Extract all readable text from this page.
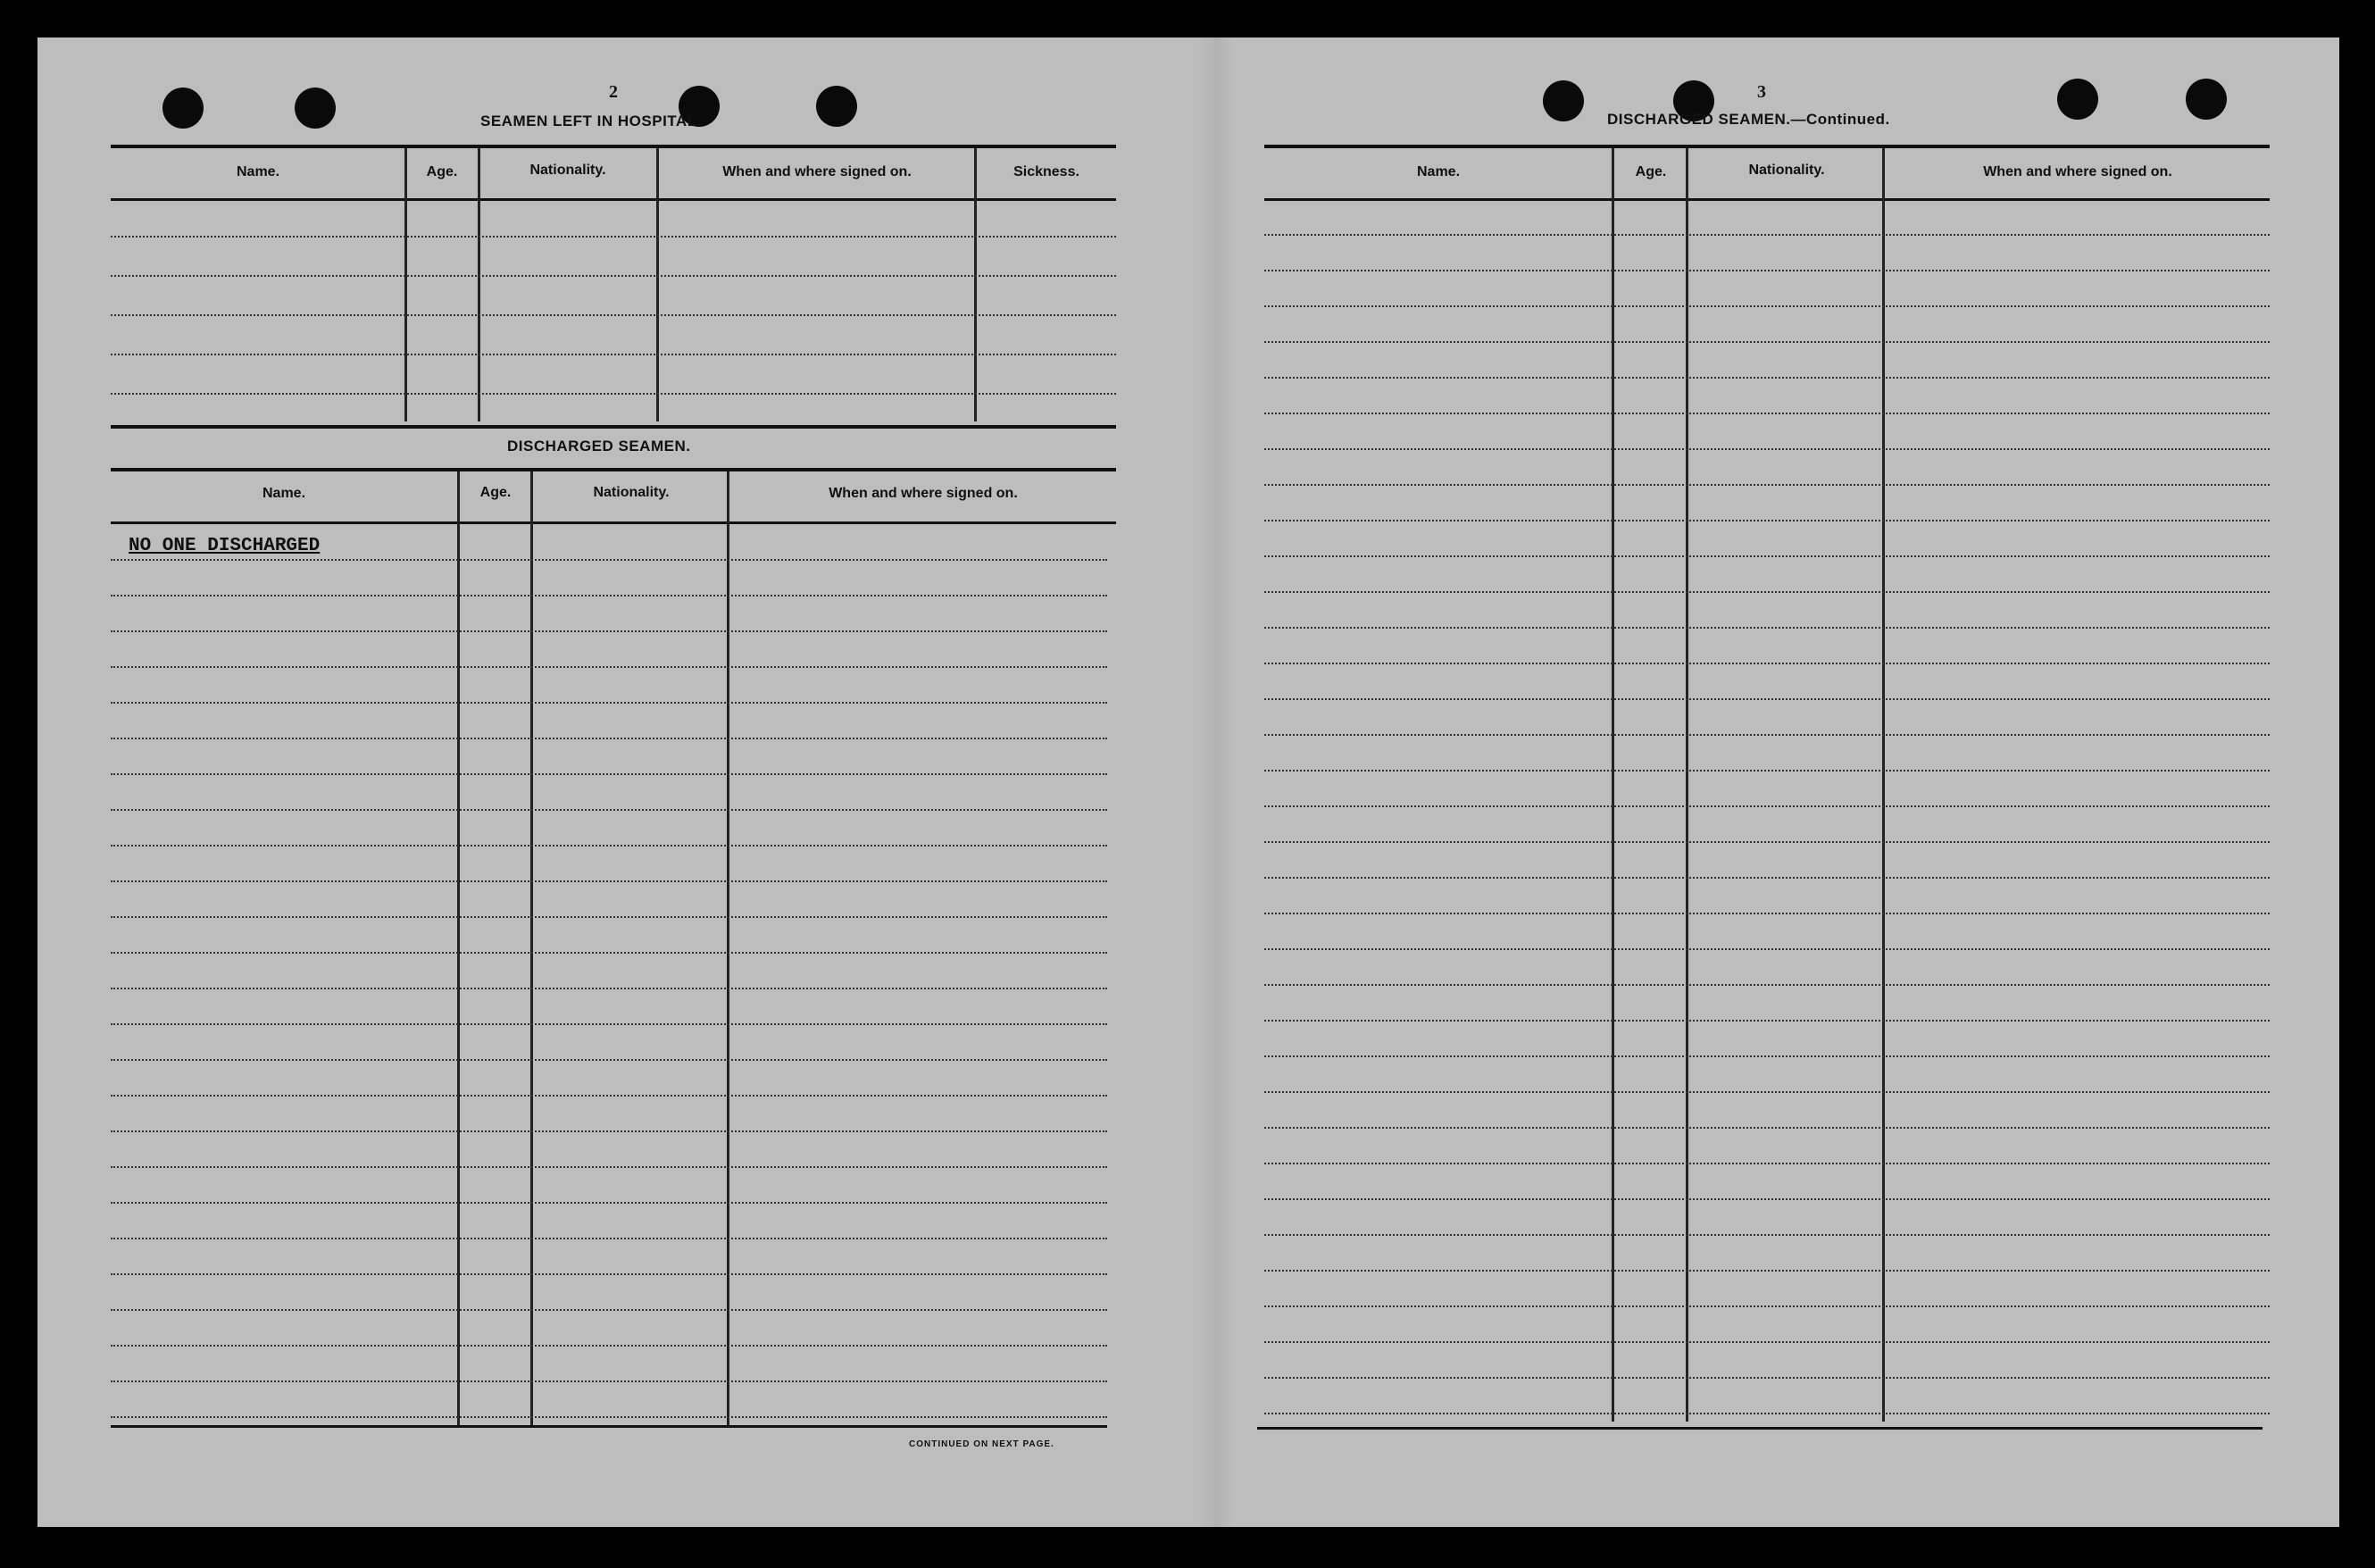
2
SEAMEN LEFT IN HOSPITAL.
Name.	Age.	Nationality.	When and where signed on.	Sickness.
DISCHARGED SEAMEN.
Name.	Age.	Nationality.	When and where signed on.
NO ONE DISCHARGED
CONTINUED ON NEXT PAGE.
3
DISCHARGED SEAMEN.—Continued.
Name.	Age.	Nationality.	When and where signed on.
